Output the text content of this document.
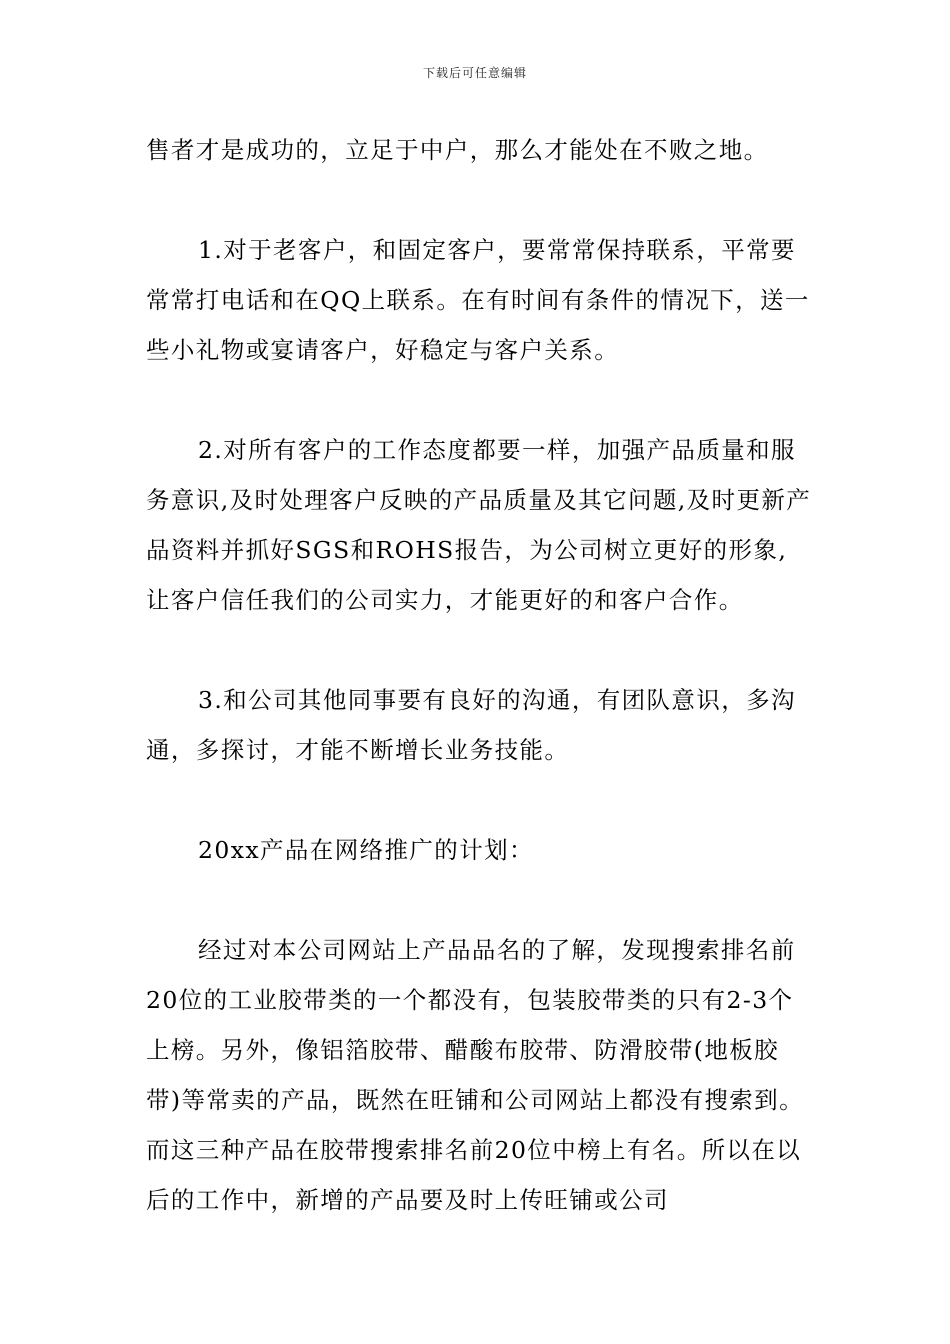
下载后可任意编辑

售者才是成功的，立足于中户，那么才能处在不败之地。

1.对于老客户，和固定客户，要常常保持联系，平常要常常打电话和在QQ上联系。在有时间有条件的情况下，送一些小礼物或宴请客户，好稳定与客户关系。

2.对所有客户的工作态度都要一样，加强产品质量和服务意识,及时处理客户反映的产品质量及其它问题,及时更新产品资料并抓好SGS和ROHS报告，为公司树立更好的形象,让客户信任我们的公司实力，才能更好的和客户合作。

3.和公司其他同事要有良好的沟通，有团队意识，多沟通，多探讨，才能不断增长业务技能。

20xx产品在网络推广的计划：

经过对本公司网站上产品品名的了解，发现搜索排名前20位的工业胶带类的一个都没有，包装胶带类的只有2-3个上榜。另外，像铝箔胶带、醋酸布胶带、防滑胶带(地板胶带)等常卖的产品，既然在旺铺和公司网站上都没有搜索到。而这三种产品在胶带搜索排名前20位中榜上有名。所以在以后的工作中，新增的产品要及时上传旺铺或公司
